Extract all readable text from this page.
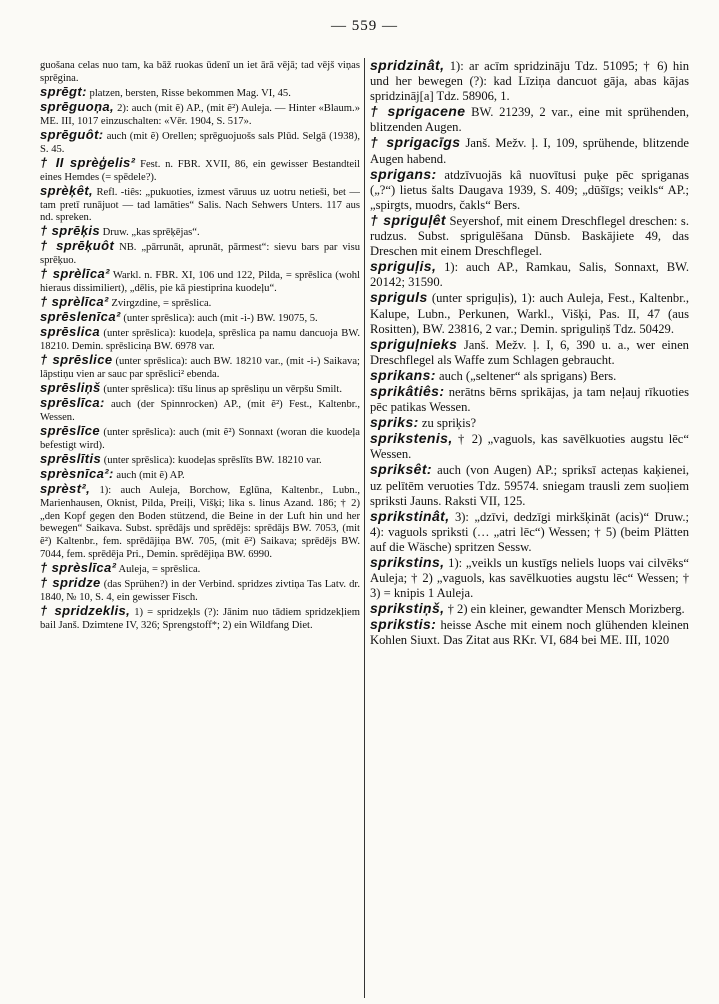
— 559 —

guošana celas nuo tam, ka bāž ruokas ūdenī un iet ārā vējā; tad vējš viņas sprēgina.

sprēgt: platzen, bersten, Risse bekommen Mag. VI, 45.

sprēguoņa, 2): auch (mit ẽ) AP., (mit ẽ²) Auleja. — Hinter «Blaum.» ME. III, 1017 einzuschalten: «Vēr. 1904, S. 517».

sprēguôt: auch (mit ẽ) Orellen; sprēguojuošs sals Plūd. Selgā (1938), S. 45.

† II sprèģelis² Fest. n. FBR. XVII, 86, ein gewisser Bestandteil eines Hemdes (= spēdele?).

sprèķêt, Refl. -tiês: „pukuoties, izmest vāruus uz uotru netieši, bet — tam pretī runājuot — tad lamāties“ Salis. Nach Sehwers Unters. 117 aus nd. spreken.

† sprēķis Druw. „kas sprēķējas“.

† sprēķuôt NB. „pārrunāt, aprunāt, pārmest“: sievu bars par visu sprēķuo.

† sprèlīca² Warkl. n. FBR. XI, 106 und 122, Pilda, = sprēslica (wohl hieraus dissimiliert), „dēlis, pie kā piestiprina kuodeļu“.

† sprèlīca² Zvirgzdine, = sprēslica.

sprēslenīca² (unter sprēslica): auch (mit -i-) BW. 19075, 5.

sprēslica (unter sprēslica): kuodeļa, sprēslica pa namu dancuoja BW. 18210. Demin. sprēslicin̦a BW. 6978 var.

† sprēslice (unter sprēslica): auch BW. 18210 var., (mit -i-) Saikava; lāpstiņu vien ar sauc par sprēslici² ebenda.

sprēsliņš (unter sprēslica): tīšu linus ap sprēsliņu un vērpšu Smilt.

sprēslīca: auch (der Spinnrocken) AP., (mit ẽ²) Fest., Kaltenbr., Wessen.

sprēslīce (unter sprēslica): auch (mit ẽ²) Sonnaxt (woran die kuodeļa befestigt wird).

sprēslītis (unter sprēslica): kuodeļas sprēslīts BW. 18210 var.

sprèsnīca²: auch (mit ẽ) AP.

sprèst², 1): auch Auleja, Borchow, Eglūna, Kaltenbr., Lubn., Marienhausen, Oknist, Pilda, Preiļi, Višķi; lika s. linus Azand. 186; † 2) „den Kopf gegen den Boden stützend, die Beine in der Luft hin und her bewegen“ Saikava. Subst. sprēdājs und sprēdējs: sprēdājs BW. 7053, (mit ẽ²) Kaltenbr., fem. sprēdājiņa BW. 705, (mit ẽ²) Saikava; sprēdējs BW. 7044, fem. sprēdēja Pri., Demin. sprēdējiņa BW. 6990.

† sprèslīca² Auleja, = sprēslica.

† spridze (das Sprühen?) in der Verbind. spridzes zivtiņa Tas Latv. dr. 1840, № 10, S. 4, ein gewisser Fisch.

† spridzeklis, 1) = spridzeķls (?): Jānim nuo tādiem spridzekļiem bail Janš. Dzimtene IV, 326; Sprengstoff*; 2) ein Wildfang Diet.

spridzinât, 1): ar acīm spridzināju Tdz. 51095; † 6) hin und her bewegen (?): kad Līziņa dancuot gāja, abas kājas spridzināj[a] Tdz. 58906, 1.

† sprigacene BW. 21239, 2 var., eine mit sprühenden, blitzenden Augen.

† sprigacīgs Janš. Mežv. ļ. I, 109, sprühende, blitzende Augen habend.

sprigans: atdzīvuojās kâ nuovītusi puķe pēc spriganas („?“) lietus šalts Daugava 1939, S. 409; „dūšīgs; veikls“ AP.; „spirgts, muodrs, čakls“ Bers.

† spriguļêt Seyershof, mit einem Dreschflegel dreschen: s. rudzus. Subst. sprigulēšana Dūnsb. Baskājiete 49, das Dreschen mit einem Dreschflegel.

spriguļis, 1): auch AP., Ramkau, Salis, Sonnaxt, BW. 20142; 31590.

spriguls (unter spriguļis), 1): auch Auleja, Fest., Kaltenbr., Kalupe, Lubn., Perkunen, Warkl., Višķi, Pas. II, 47 (aus Rositten), BW. 23816, 2 var.; Demin. spriguliņš Tdz. 50429.

spriguļnieks Janš. Mežv. ļ. I, 6, 390 u. a., wer einen Dreschflegel als Waffe zum Schlagen gebraucht.

sprikans: auch („seltener“ als sprigans) Bers.

sprikâtiês: nerātns bērns sprikājas, ja tam neļauj rīkuoties pēc patikas Wessen.

spriks: zu spriķis?

sprikstenis, † 2) „vaguols, kas savēlkuoties augstu lēc“ Wessen.

spriksêt: auch (von Augen) AP.; spriksī acteņas kaķienei, uz pelītēm veruoties Tdz. 59574. sniegam trausli zem suoļiem spriksti Jauns. Raksti VII, 125.

sprikstinât, 3): „dzīvi, dedzīgi mirkšķināt (acis)“ Druw.; 4): vaguols spriksti (… „atri lēc“) Wessen; † 5) (beim Plätten auf die Wäsche) spritzen Sessw.

sprikstins, 1): „veikls un kustīgs neliels luops vai cilvēks“ Auleja; † 2) „vaguols, kas savēlkuoties augstu lēc“ Wessen; † 3) = knipis 1 Auleja.

sprikstiņš, † 2) ein kleiner, gewandter Mensch Morizberg.

sprikstis: heisse Asche mit einem noch glühenden kleinen Kohlen Siuxt. Das Zitat aus RKr. VI, 684 bei ME. III, 1020
